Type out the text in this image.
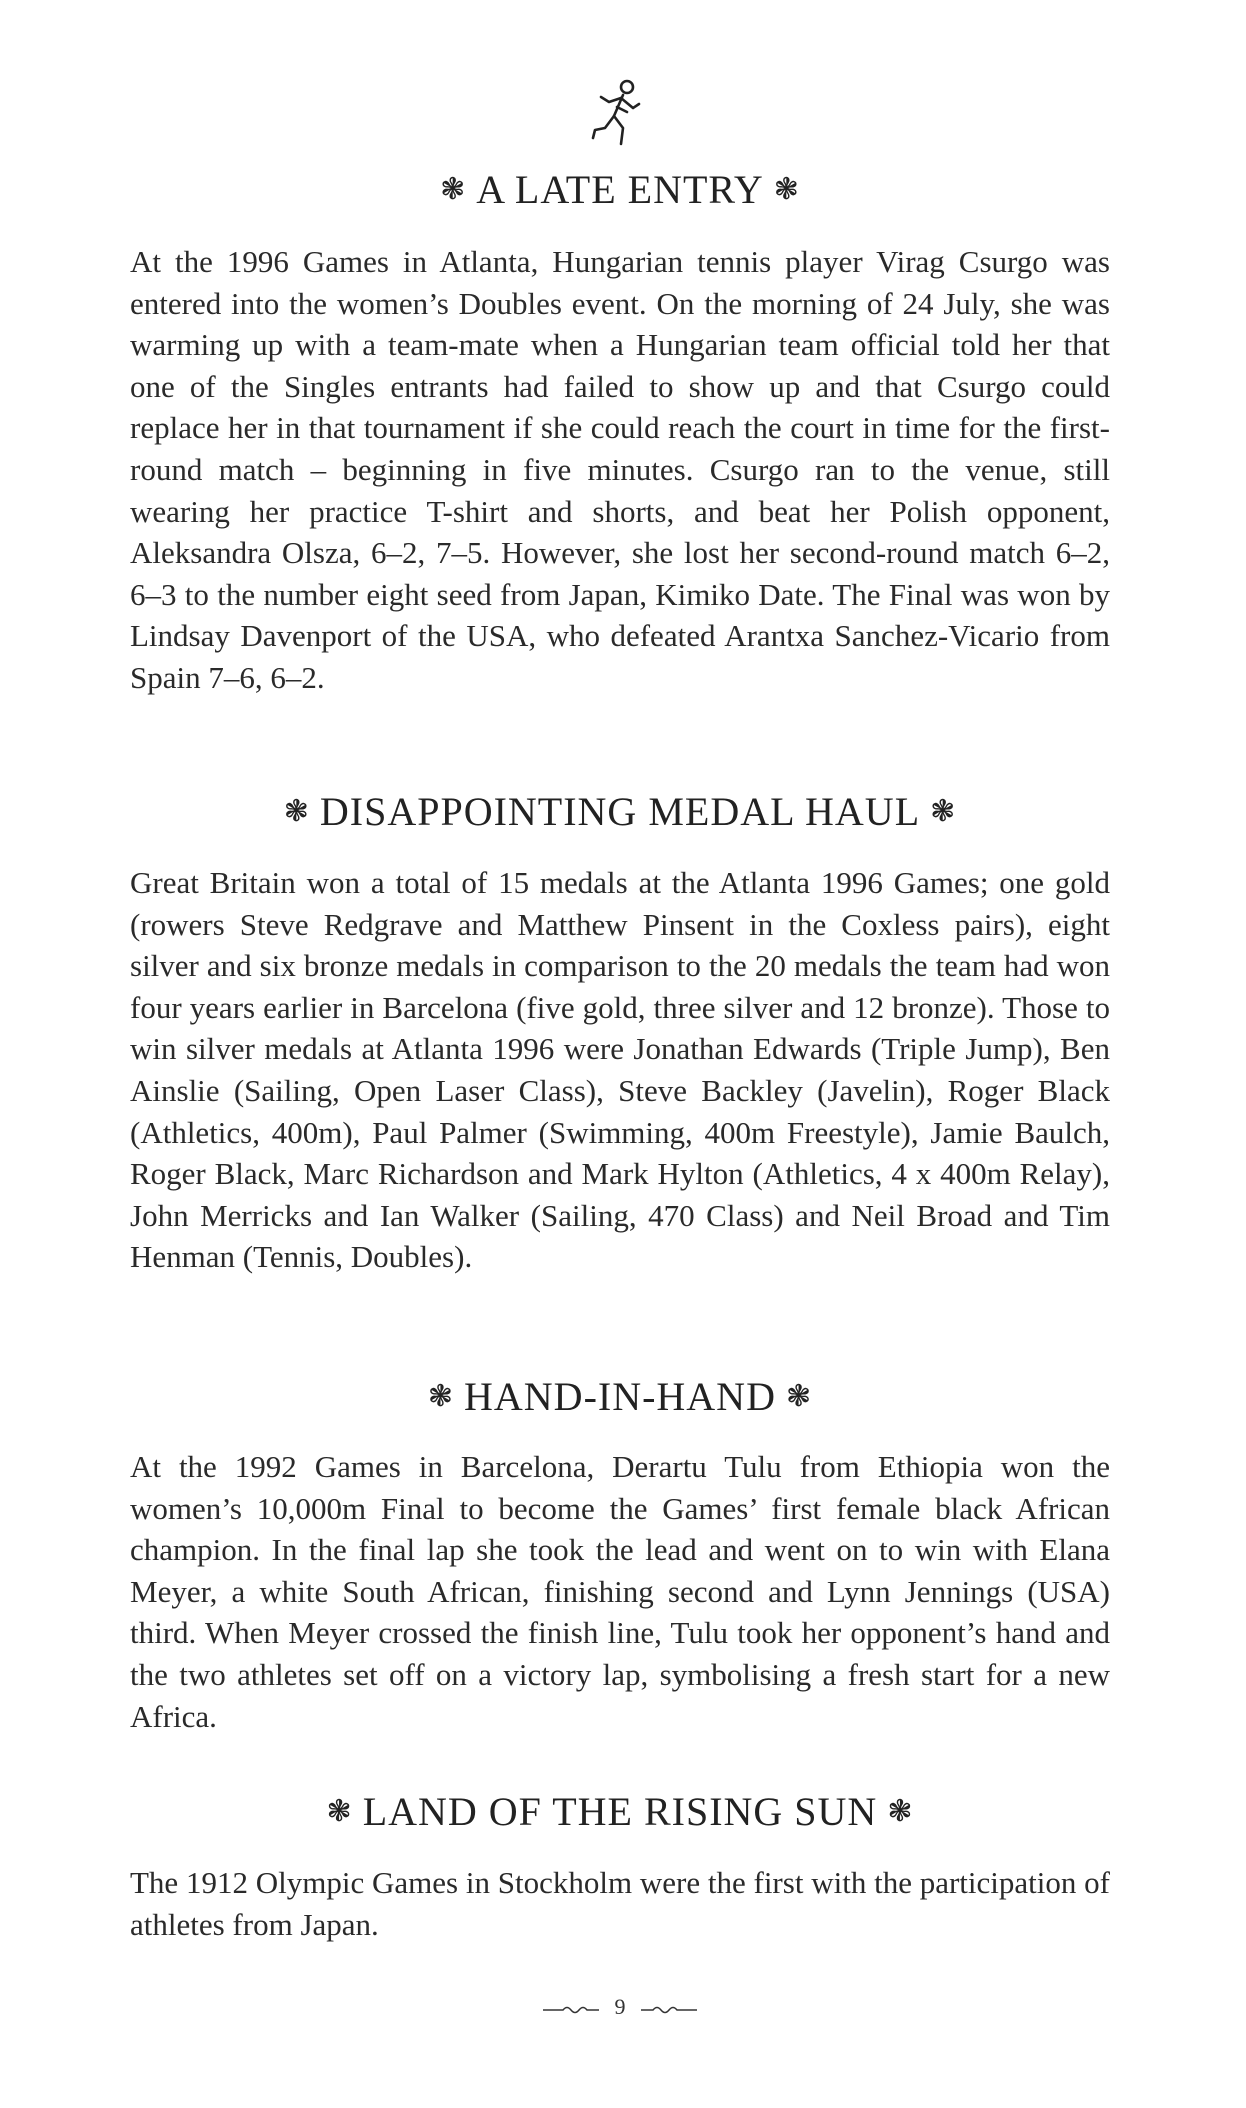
❃ A LATE ENTRY ❃
At the 1996 Games in Atlanta, Hungarian tennis player Virag Csurgo was entered into the women’s Doubles event. On the morning of 24 July, she was warming up with a team-mate when a Hungarian team official told her that one of the Singles entrants had failed to show up and that Csurgo could replace her in that tournament if she could reach the court in time for the first-round match – beginning in five minutes. Csurgo ran to the venue, still wearing her practice T-shirt and shorts, and beat her Polish opponent, Aleksandra Olsza, 6–2, 7–5. However, she lost her second-round match 6–2, 6–3 to the number eight seed from Japan, Kimiko Date. The Final was won by Lindsay Davenport of the USA, who defeated Arantxa Sanchez-Vicario from Spain 7–6, 6–2.
❃ DISAPPOINTING MEDAL HAUL ❃
Great Britain won a total of 15 medals at the Atlanta 1996 Games; one gold (rowers Steve Redgrave and Matthew Pinsent in the Coxless pairs), eight silver and six bronze medals in comparison to the 20 medals the team had won four years earlier in Barcelona (five gold, three silver and 12 bronze). Those to win silver medals at Atlanta 1996 were Jonathan Edwards (Triple Jump), Ben Ainslie (Sailing, Open Laser Class), Steve Backley (Javelin), Roger Black (Athletics, 400m), Paul Palmer (Swimming, 400m Freestyle), Jamie Baulch, Roger Black, Marc Richardson and Mark Hylton (Athletics, 4 x 400m Relay), John Merricks and Ian Walker (Sailing, 470 Class) and Neil Broad and Tim Henman (Tennis, Doubles).
❃ HAND-IN-HAND ❃
At the 1992 Games in Barcelona, Derartu Tulu from Ethiopia won the women’s 10,000m Final to become the Games’ first female black African champion. In the final lap she took the lead and went on to win with Elana Meyer, a white South African, finishing second and Lynn Jennings (USA) third. When Meyer crossed the finish line, Tulu took her opponent’s hand and the two athletes set off on a victory lap, symbolising a fresh start for a new Africa.
❃ LAND OF THE RISING SUN ❃
The 1912 Olympic Games in Stockholm were the first with the participation of athletes from Japan.
9
